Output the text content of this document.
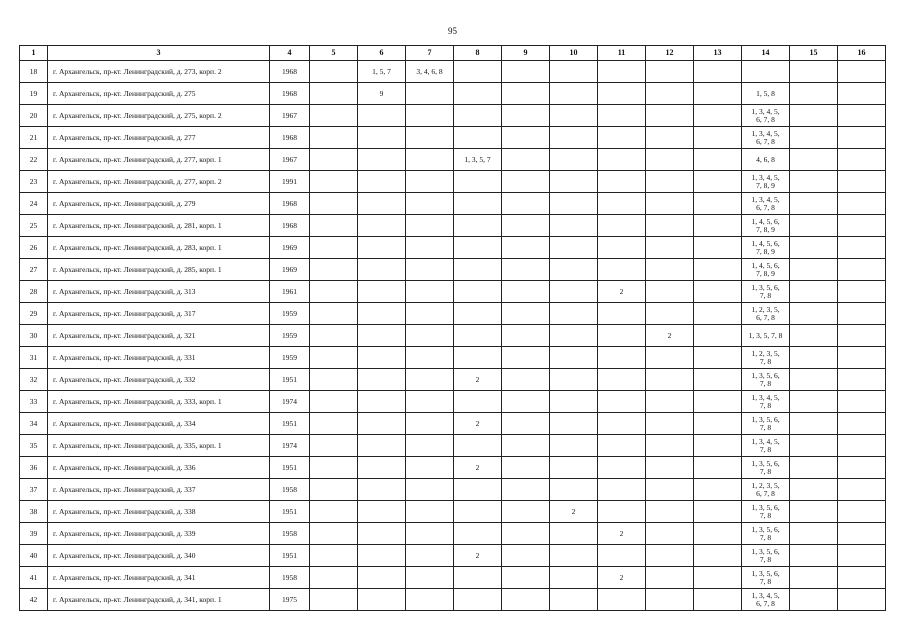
95
1	3	4	5	6	7	8	9	10	11	12	13	14	15	16
18	г. Архангельск, пр-кт. Ленинградский, д. 273, корп. 2	1968		1, 5, 7	3, 4, 6, 8									
19	г. Архангельск, пр-кт. Ленинградский, д. 275	1968		9								1, 5, 8		
20	г. Архангельск, пр-кт. Ленинградский, д. 275, корп. 2	1967										1, 3, 4, 5, 6, 7, 8		
21	г. Архангельск, пр-кт. Ленинградский, д. 277	1968										1, 3, 4, 5, 6, 7, 8		
22	г. Архангельск, пр-кт. Ленинградский, д. 277, корп. 1	1967				1, 3, 5, 7						4, 6, 8		
23	г. Архангельск, пр-кт. Ленинградский, д. 277, корп. 2	1991										1, 3, 4, 5, 7, 8, 9		
24	г. Архангельск, пр-кт. Ленинградский, д. 279	1968										1, 3, 4, 5, 6, 7, 8		
25	г. Архангельск, пр-кт. Ленинградский, д. 281, корп. 1	1968										1, 4, 5, 6, 7, 8, 9		
26	г. Архангельск, пр-кт. Ленинградский, д. 283, корп. 1	1969										1, 4, 5, 6, 7, 8, 9		
27	г. Архангельск, пр-кт. Ленинградский, д. 285, корп. 1	1969										1, 4, 5, 6, 7, 8, 9		
28	г. Архангельск, пр-кт. Ленинградский, д. 313	1961							2			1, 3, 5, 6, 7, 8		
29	г. Архангельск, пр-кт. Ленинградский, д. 317	1959										1, 2, 3, 5, 6, 7, 8		
30	г. Архангельск, пр-кт. Ленинградский, д. 321	1959								2		1, 3, 5, 7, 8		
31	г. Архангельск, пр-кт. Ленинградский, д. 331	1959										1, 2, 3, 5, 7, 8		
32	г. Архангельск, пр-кт. Ленинградский, д. 332	1951				2						1, 3, 5, 6, 7, 8		
33	г. Архангельск, пр-кт. Ленинградский, д. 333, корп. 1	1974										1, 3, 4, 5, 7, 8		
34	г. Архангельск, пр-кт. Ленинградский, д. 334	1951				2						1, 3, 5, 6, 7, 8		
35	г. Архангельск, пр-кт. Ленинградский, д. 335, корп. 1	1974										1, 3, 4, 5, 7, 8		
36	г. Архангельск, пр-кт. Ленинградский, д. 336	1951				2						1, 3, 5, 6, 7, 8		
37	г. Архангельск, пр-кт. Ленинградский, д. 337	1958										1, 2, 3, 5, 6, 7, 8		
38	г. Архангельск, пр-кт. Ленинградский, д. 338	1951						2				1, 3, 5, 6, 7, 8		
39	г. Архангельск, пр-кт. Ленинградский, д. 339	1958							2			1, 3, 5, 6, 7, 8		
40	г. Архангельск, пр-кт. Ленинградский, д. 340	1951				2						1, 3, 5, 6, 7, 8		
41	г. Архангельск, пр-кт. Ленинградский, д. 341	1958							2			1, 3, 5, 6, 7, 8		
42	г. Архангельск, пр-кт. Ленинградский, д. 341, корп. 1	1975										1, 3, 4, 5, 6, 7, 8		
